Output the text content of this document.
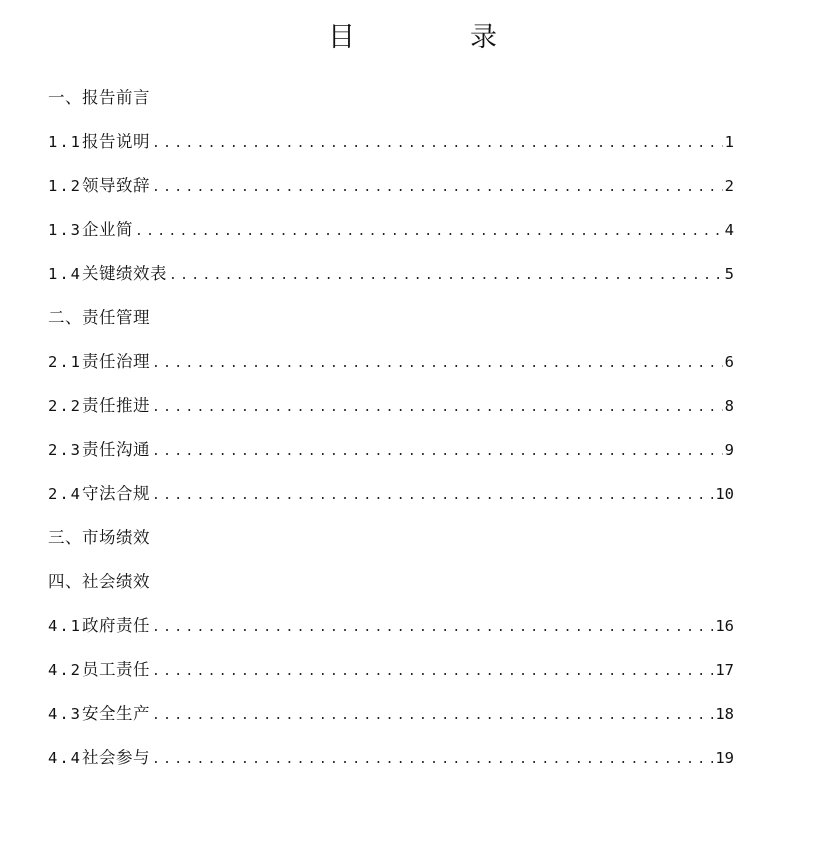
目　录
一、报告前言
1.1 报告说明 .....	1
1.2 领导致辞 .....	2
1.3 企业简 .....	4
1.4 关键绩效表 .....	5
二、责任管理
2.1 责任治理 .....	6
2.2 责任推进 .....	8
2.3 责任沟通 .....	9
2.4 守法合规 .....	10
三、市场绩效
四、社会绩效
4.1 政府责任 .....	16
4.2 员工责任 .....	17
4.3 安全生产 .....	18
4.4 社会参与 .....	19
